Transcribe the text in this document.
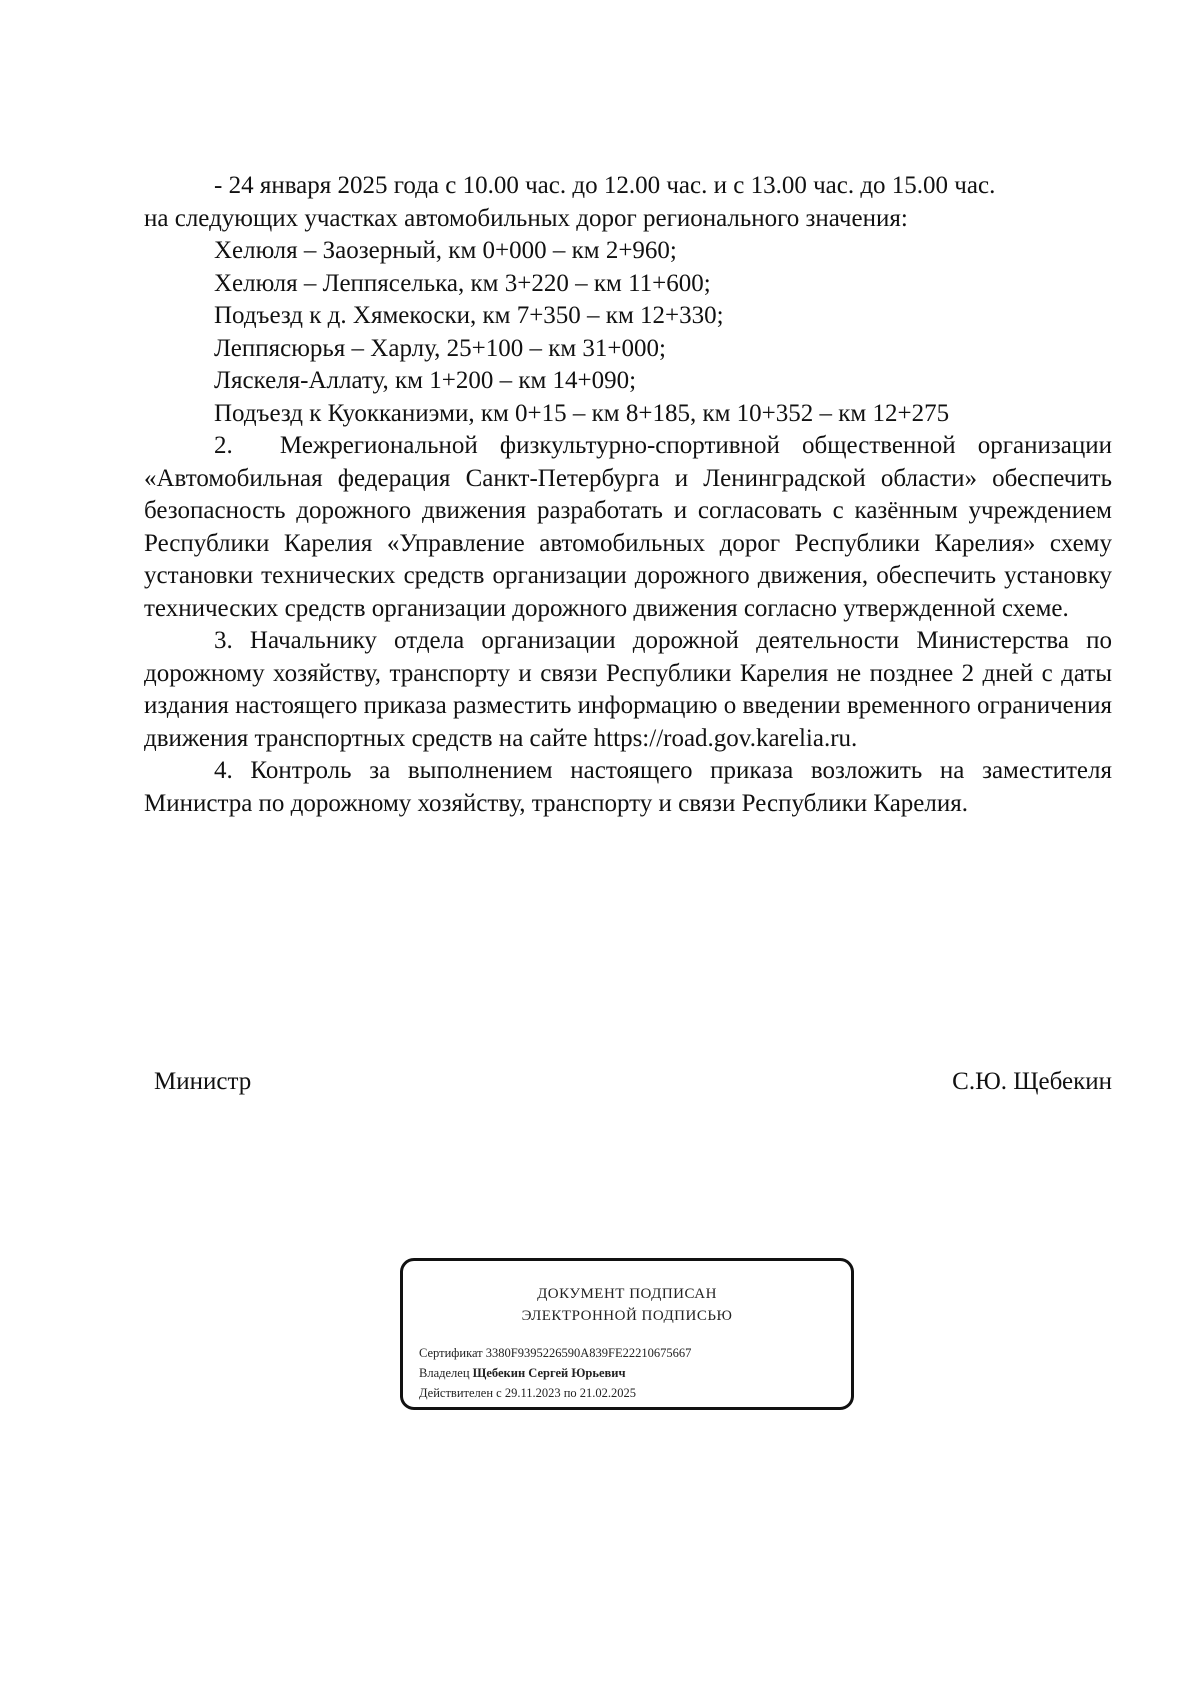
- 24 января 2025 года с 10.00 час. до 12.00 час. и с 13.00 час. до 15.00 час.
на следующих участках автомобильных дорог регионального значения:
Хелюля – Заозерный, км 0+000 – км 2+960;
Хелюля – Леппяселька, км 3+220 – км 11+600;
Подъезд к д. Хямекоски, км 7+350 – км 12+330;
Леппясюрья – Харлу, 25+100 – км 31+000;
Ляскеля-Аллату, км 1+200 – км 14+090;
Подъезд к Куокканиэми, км 0+15 – км 8+185, км 10+352 – км 12+275

2.  Межрегиональной физкультурно-спортивной общественной организации «Автомобильная федерация Санкт-Петербурга и Ленинградской области» обеспечить безопасность дорожного движения разработать и согласовать с казённым учреждением Республики Карелия «Управление автомобильных дорог Республики Карелия» схему установки технических средств организации дорожного движения, обеспечить установку технических средств организации дорожного движения согласно утвержденной схеме.

3. Начальнику отдела организации дорожной деятельности Министерства по дорожному хозяйству, транспорту и связи Республики Карелия не позднее 2 дней с даты издания настоящего приказа разместить информацию о введении временного ограничения движения транспортных средств на сайте https://road.gov.karelia.ru.

4. Контроль за выполнением настоящего приказа возложить на заместителя Министра по дорожному хозяйству, транспорту и связи Республики Карелия.

Министр	С.Ю. Щебекин
ДОКУМЕНТ ПОДПИСАН
ЭЛЕКТРОННОЙ ПОДПИСЬЮ
Сертификат 3380F9395226590A839FE22210675667
Владелец Щебекин Сергей Юрьевич
Действителен с 29.11.2023 по 21.02.2025
